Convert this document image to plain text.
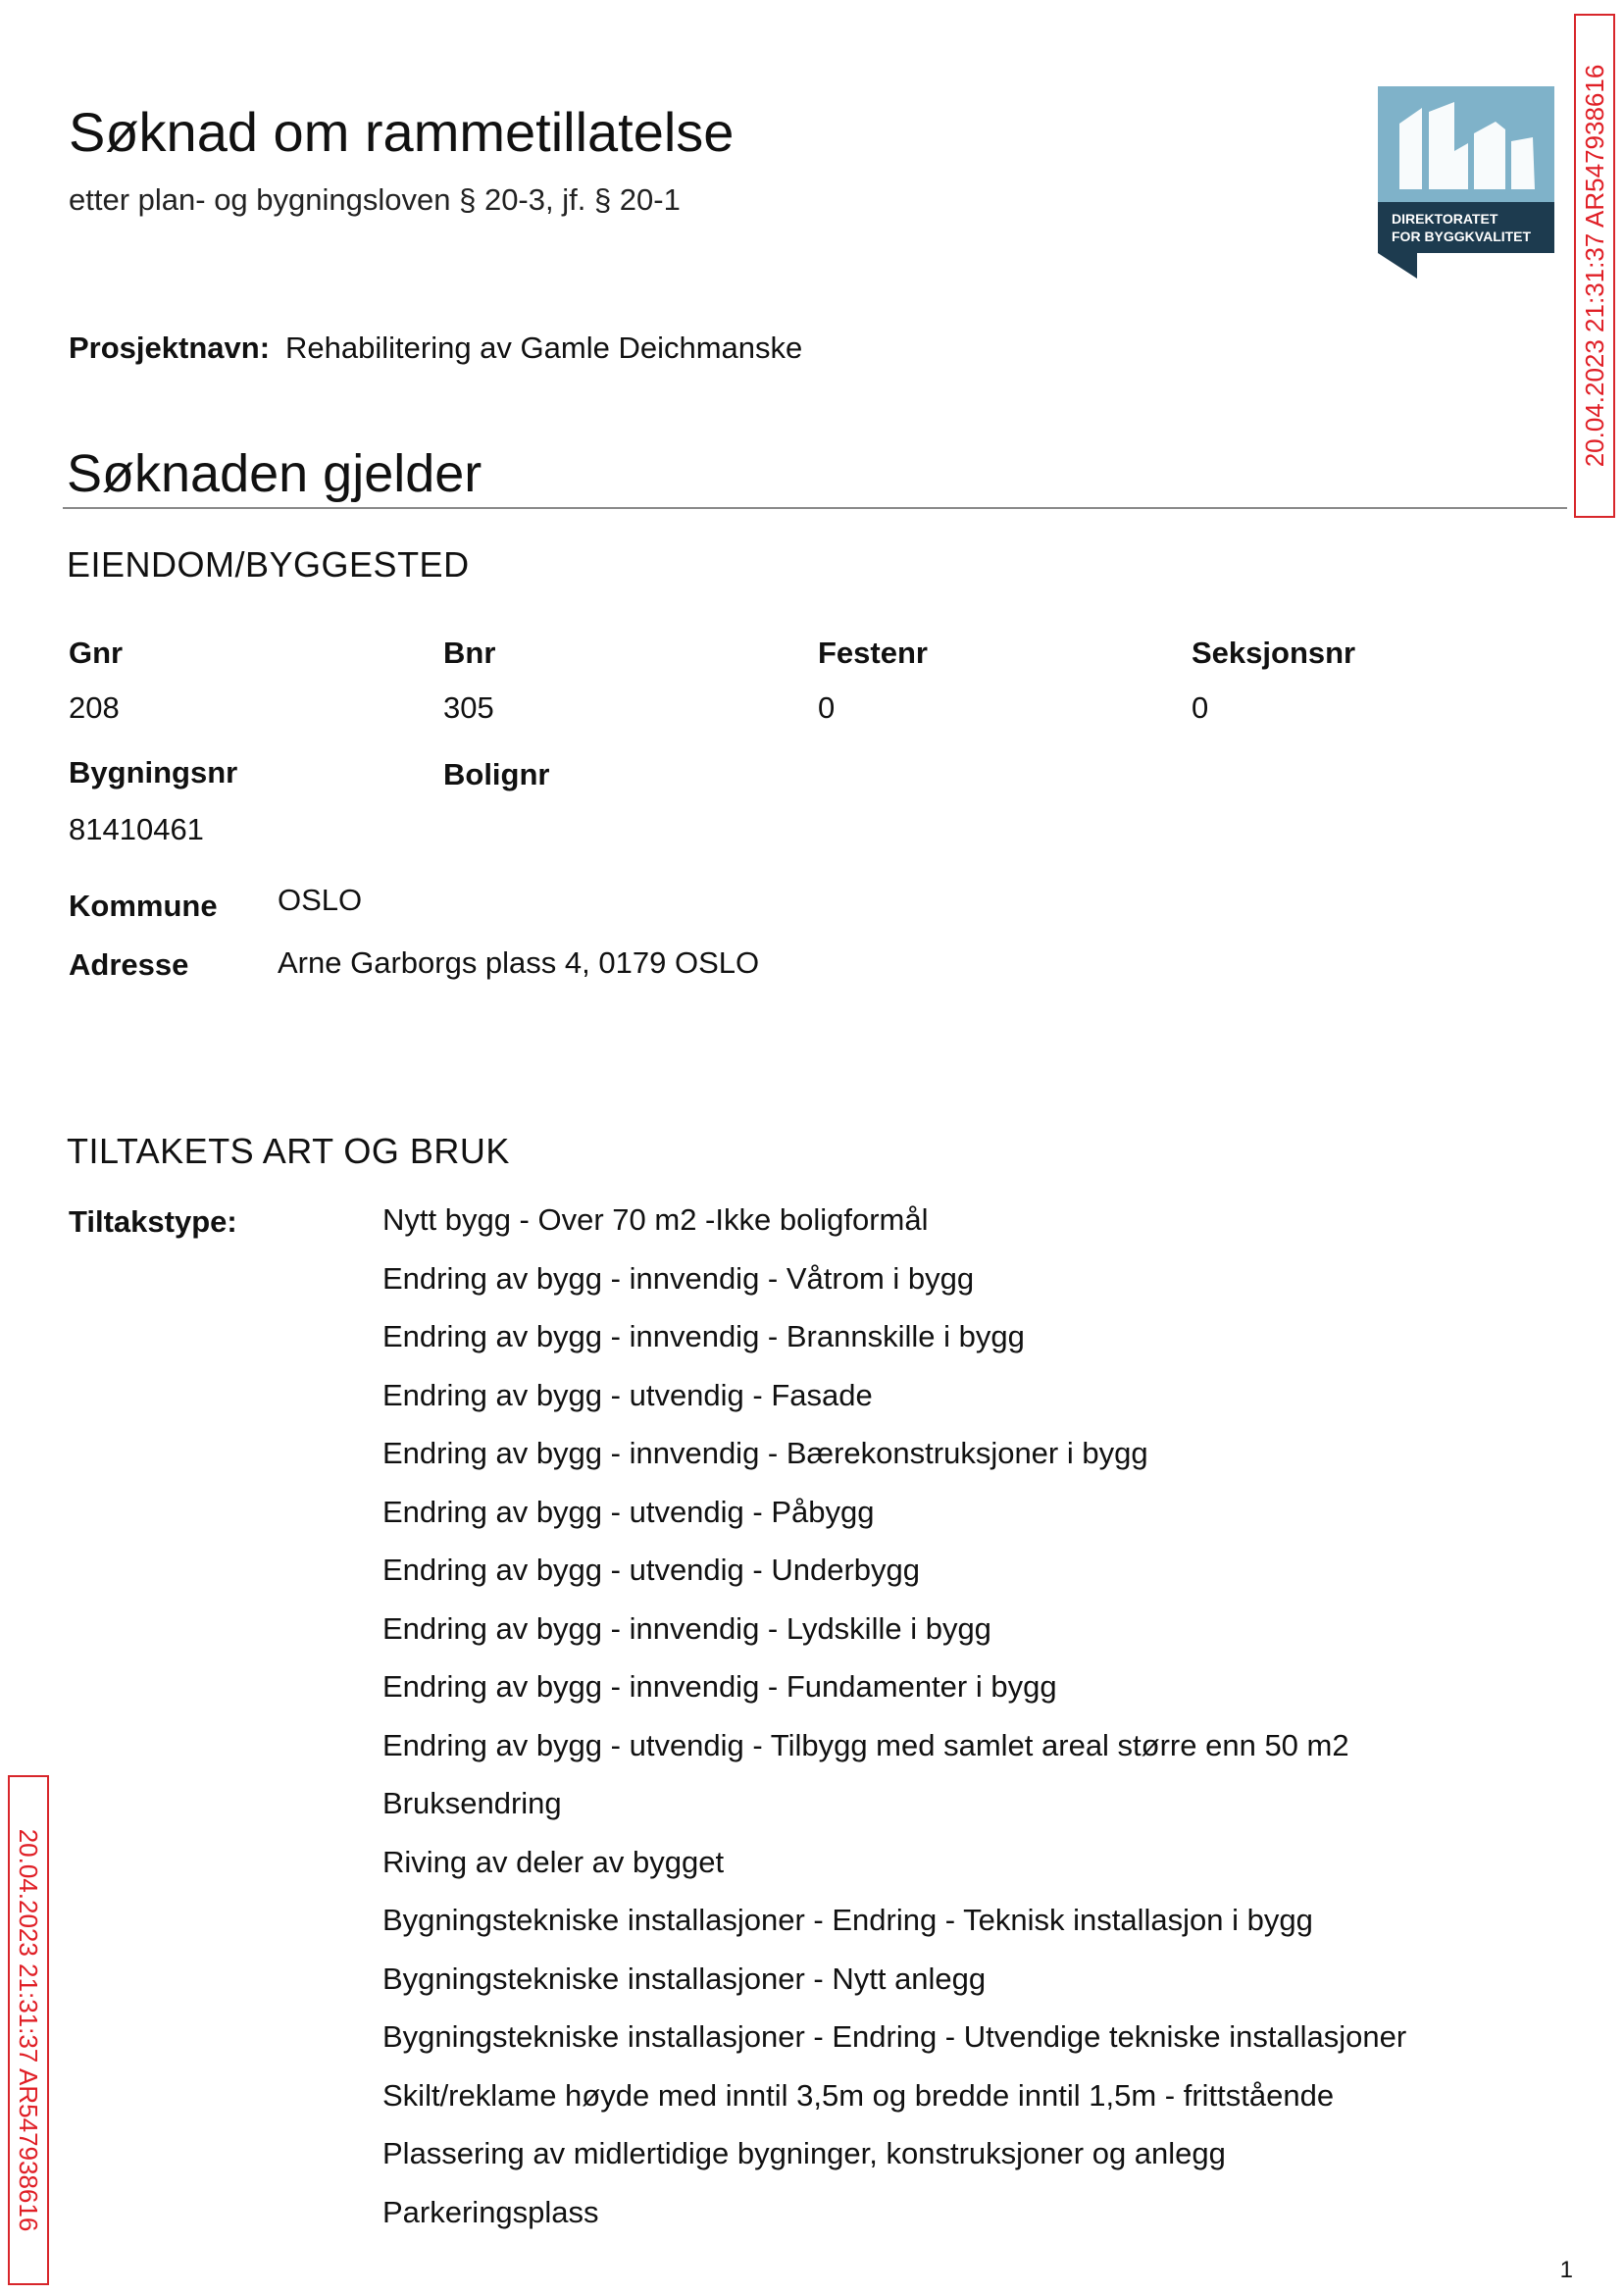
Søknad om rammetillatelse
etter plan- og bygningsloven § 20-3, jf. § 20-1
DIREKTORATET
FOR BYGGKVALITET
Prosjektnavn: Rehabilitering av Gamle Deichmanske
Søknaden gjelder
EIENDOM/BYGGESTED
Gnr	Bnr	Festenr	Seksjonsnr
208	305	0	0
Bygningsnr	Bolignr
81410461
Kommune OSLO
Adresse	Arne Garborgs plass 4, 0179 OSLO
TILTAKETS ART OG BRUK
Tiltakstype:	Nytt bygg - Over 70 m2 -Ikke boligformål
Endring av bygg - innvendig - Våtrom i bygg
Endring av bygg - innvendig - Brannskille i bygg
Endring av bygg - utvendig - Fasade
Endring av bygg - innvendig - Bærekonstruksjoner i bygg
Endring av bygg - utvendig - Påbygg
Endring av bygg - utvendig - Underbygg
Endring av bygg - innvendig - Lydskille i bygg
Endring av bygg - innvendig - Fundamenter i bygg
Endring av bygg - utvendig - Tilbygg med samlet areal større enn 50 m2
Bruksendring
Riving av deler av bygget
Bygningstekniske installasjoner - Endring - Teknisk installasjon i bygg
Bygningstekniske installasjoner - Nytt anlegg
Bygningstekniske installasjoner - Endring - Utvendige tekniske installasjoner
Skilt/reklame høyde med inntil 3,5m og bredde inntil 1,5m - frittstående
Plassering av midlertidige bygninger, konstruksjoner og anlegg
Parkeringsplass
20.04.2023 21:31:37 AR547938616
20.04.2023 21:31:37 AR547938616
1
